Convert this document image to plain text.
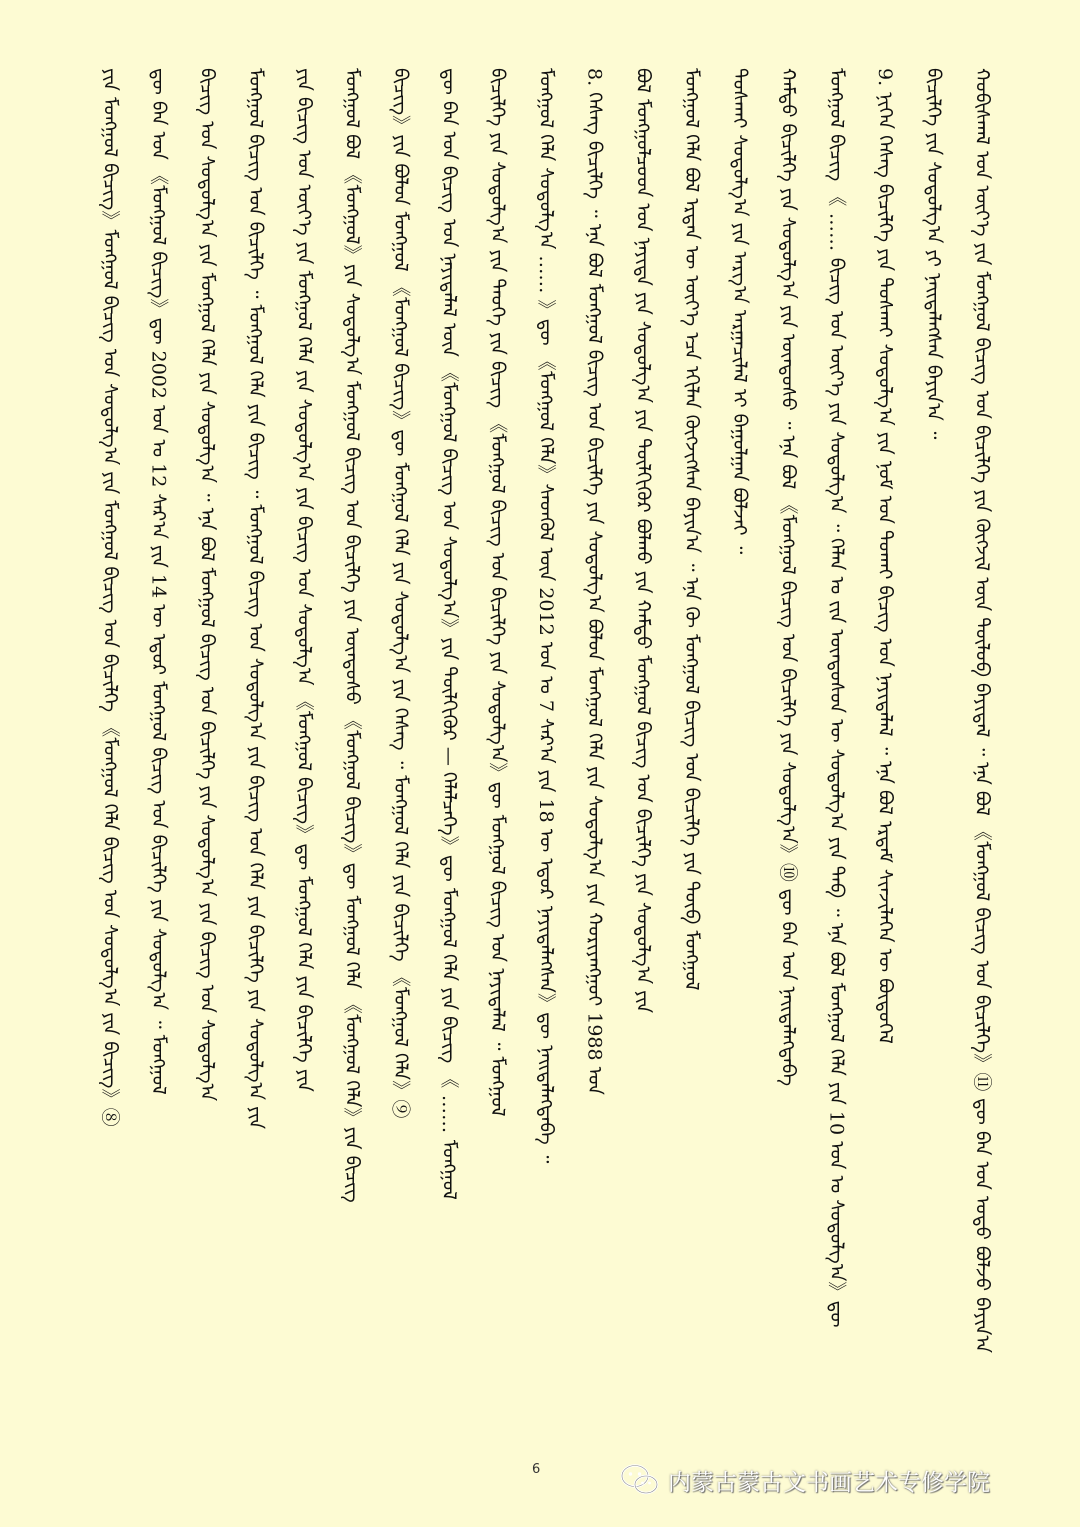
ᠬᠤᠪᠢᠰᠬᠠᠯ ᠤᠨ ᠦᠶ᠎ᠡ ᠶᠢᠨ ᠮᠣᠩᠭᠣᠯ ᠪᠢᠴᠢᠭ ᠤᠨ ᠪᠢᠴᠢᠯᠭᠡ ᠶᠢᠨ ᠬᠥᠭᠵᠢᠯ ᠦᠨ ᠲᠥᠯᠥᠪ ᠪᠠᠶᠢᠳᠠᠯ ᠃ ᠡᠨᠡ ᠪᠣᠯ 《ᠮᠣᠩᠭᠣᠯ ᠪᠢᠴᠢᠭ ᠤᠨ ᠪᠢᠴᠢᠯᠭᠡ》⑪ ᠳᠦ ᠪᠠᠨ ᠤᠨ ᠤᠳᠤ ᠪᠣᠯᠵᠤ ᠪᠠᠶᠢᠨ᠎ᠠ
ᠪᠢᠴᠢᠯᠭᠡ ᠶᠢᠨ ᠰᠤᠳᠤᠯᠭ᠎ᠠ ᠶᠢ ᠨᠡᠢᠲᠡᠯᠡᠭᠰᠡᠨ ᠪᠠᠶᠢᠨ᠎ᠠ ᠃
9. ᠨᠢᠭᠡᠨ ᠬᠡᠰᠡᠭ ᠪᠢᠴᠢᠯᠭᠡ ᠶᠢᠨ ᠲᠤᠰᠬᠠᠢ ᠰᠤᠳᠤᠯᠭ᠎ᠠ ᠶᠢᠨ ᠨᠣᠮ ᠤᠨ ᠲᠤᠬᠠᠢ ᠪᠢᠴᠢᠭ ᠤᠨ ᠨᠡᠶᠢᠲᠡᠯᠡᠯ ᠃ ᠡᠨᠡ ᠪᠣᠯ ᠡᠷᠳᠡᠮ ᠰᠢᠨᠵᠢᠯᠡᠭᠡᠨ ᠦ ᠪᠦᠲᠦᠭᠡᠯ
ᠮᠣᠩᠭᠣᠯ ᠪᠢᠴᠢᠭ 《 …… ᠪᠢᠴᠢᠭ ᠤᠨ ᠦᠶ᠎ᠡ ᠶᠢᠨ ᠰᠤᠳᠤᠯᠭ᠎ᠠ ᠃ ᠬᠡᠯᠡᠨ ᠤ ᠵᠢᠨ ᠦᠨᠳᠦᠰᠦᠨ ᠦ ᠰᠤᠳᠤᠯᠭ᠎ᠠ ᠶᠢᠨ ᠲᠡᠪ ᠃ ᠡᠨᠡ ᠪᠣᠯ ᠮᠣᠩᠭᠣᠯ ᠬᠡᠯᠡ ᠶᠢᠨ 10 ᠣᠨ ᠤ ᠰᠤᠳᠤᠯᠭ᠎ᠠ》ᠳᠦ
ᠬᠠᠮᠲᠤ ᠪᠢᠴᠢᠯᠭᠡ ᠶᠢᠨ ᠰᠤᠳᠤᠯᠭ᠎ᠠ ᠶᠢᠨ ᠦᠨᠳᠦᠰᠦ ᠃ ᠡᠨᠡ ᠪᠣᠯ 《ᠮᠣᠩᠭᠣᠯ ᠪᠢᠴᠢᠭ ᠤᠨ ᠪᠢᠴᠢᠯᠭᠡ ᠶᠢᠨ ᠰᠤᠳᠤᠯᠭ᠎ᠠ》⑩ ᠳᠦ ᠪᠠᠨ ᠤᠨ ᠨᠡᠢᠲᠡᠯᠡᠭᠳᠡᠪᠡ
ᠲᠤᠰᠬᠠᠢ ᠰᠤᠳᠤᠯᠭ᠎ᠠ ᠶᠢᠨ ᠠᠷᠭ᠎ᠠ ᠠᠷᠭᠠᠴᠢᠯᠠᠯ ᠢ ᠪᠠᠭᠤᠯᠭᠠᠨ ᠪᠣᠯᠵᠠᠢ ᠃
ᠮᠣᠩᠭᠣᠯ ᠬᠡᠯᠡ ᠪᠣᠯ ᠡᠷᠲᠡᠨ ᠦ ᠦᠶ᠎ᠡ ᠡᠴᠡ ᠡᠬᠢᠯᠡᠨ ᠬᠥᠭᠵᠢᠭᠰᠡᠨ ᠪᠠᠶᠢᠨ᠎ᠠ ᠃ ᠡᠨᠡ ᠬᠦ ᠮᠣᠩᠭᠣᠯ ᠪᠢᠴᠢᠭ ᠤᠨ ᠪᠢᠴᠢᠯᠭᠡ ᠶᠢᠨ ᠲᠦᠪ ᠮᠣᠩᠭᠣᠯ
ᠪᠣᠯ ᠮᠣᠩᠭᠣᠯᠴᠤᠳ ᠤᠨ ᠨᠡᠶᠢᠲᠡ ᠶᠢᠨ ᠰᠤᠳᠤᠯᠭ᠎ᠠ ᠶᠢᠨ ᠲᠦᠯᠬᠢᠭᠦᠷ ᠪᠣᠯᠬᠤ ᠶᠢᠨ ᠬᠠᠮᠲᠤ ᠮᠣᠩᠭᠣᠯ ᠪᠢᠴᠢᠭ ᠤᠨ ᠪᠢᠴᠢᠯᠭᠡ ᠶᠢᠨ ᠰᠤᠳᠤᠯᠭ᠎ᠠ ᠶᠢᠨ
8. ᠬᠡᠰᠡᠭ ᠪᠢᠴᠢᠯᠭᠡ ᠃ ᠡᠨᠡ ᠪᠣᠯ ᠮᠣᠩᠭᠣᠯ ᠪᠢᠴᠢᠭ ᠤᠨ ᠪᠢᠴᠢᠯᠭᠡ ᠶᠢᠨ ᠰᠤᠳᠤᠯᠭ᠎ᠠ ᠪᠣᠯᠤᠨ ᠮᠣᠩᠭᠣᠯ ᠬᠡᠯᠡ ᠶᠢᠨ ᠰᠤᠳᠤᠯᠭ᠎ᠠ ᠶᠢᠨ ᠬᠤᠷᠢᠶᠠᠩᠭᠤᠢ 1988 ᠣᠨ
ᠮᠣᠩᠭᠣᠯ ᠬᠡᠯᠡ ᠰᠤᠳᠤᠯᠭ᠎ᠠ …… 》ᠳᠦ 《ᠮᠣᠩᠭᠣᠯ ᠬᠡᠯᠡ》ᠰᠡᠳᠬᠦᠯ ᠦᠨ 2012 ᠣᠨ ᠤ 7 ᠰᠠᠷ᠎ᠠ ᠶᠢᠨ 18 ᠦ ᠡᠳᠦᠷ ᠨᠡᠶᠢᠲᠡᠯᠡᠭᠰᠡᠨ》ᠳᠦ ᠨᠡᠢᠲᠡᠯᠡᠭᠳᠡᠪᠡ ᠃
ᠪᠢᠴᠢᠯᠭᠡ ᠶᠢᠨ ᠰᠤᠳᠤᠯᠭ᠎ᠠ ᠶᠢᠨ ᠲᠡᠦᠬᠡ ᠶᠢᠨ ᠪᠢᠴᠢᠭ 《ᠮᠣᠩᠭᠣᠯ ᠪᠢᠴᠢᠭ ᠤᠨ ᠪᠢᠴᠢᠯᠭᠡ ᠶᠢᠨ ᠰᠤᠳᠤᠯᠭ᠎ᠠ》ᠳᠦ ᠮᠣᠩᠭᠣᠯ ᠪᠢᠴᠢᠭ ᠤᠨ ᠨᠡᠶᠢᠲᠡᠯᠡᠯ ᠃ ᠮᠣᠩᠭᠣᠯ
ᠳᠦ ᠪᠠᠨ ᠤᠨ ᠪᠢᠴᠢᠭ ᠤᠨ ᠨᠡᠶᠢᠲᠡᠯᠡᠯ ᠦᠨ 《ᠮᠣᠩᠭᠣᠯ ᠪᠢᠴᠢᠭ ᠤᠨ ᠰᠤᠳᠤᠯᠭ᠎ᠠ》ᠶᠢᠨ ᠲᠦᠯᠬᠢᠭᠦᠷ — ᠬᠡᠯᠡᠯᠴᠡᠭᠡ》ᠳᠦ ᠮᠣᠩᠭᠣᠯ ᠬᠡᠯᠡ ᠶᠢᠨ ᠪᠢᠴᠢᠭ 《 …… ᠮᠣᠩᠭᠣᠯ
ᠪᠢᠴᠢᠭ》ᠶᠢᠨ ᠪᠣᠯᠤᠨ ᠮᠣᠩᠭᠣᠯ 《ᠮᠣᠩᠭᠣᠯ ᠪᠢᠴᠢᠭ》ᠳᠦ ᠮᠣᠩᠭᠣᠯ ᠬᠡᠯᠡ ᠶᠢᠨ ᠰᠤᠳᠤᠯᠭ᠎ᠠ ᠶᠢᠨ ᠬᠡᠰᠡᠭ ᠃ ᠮᠣᠩᠭᠣᠯ ᠬᠡᠯᠡ ᠶᠢᠨ ᠪᠢᠴᠢᠯᠭᠡ 《ᠮᠣᠩᠭᠣᠯ ᠬᠡᠯᠡ》⑨
ᠮᠣᠩᠭᠣᠯ ᠪᠣᠯ 《ᠮᠣᠩᠭᠣᠯ》ᠶᠢᠨ ᠰᠤᠳᠤᠯᠭ᠎ᠠ ᠮᠣᠩᠭᠣᠯ ᠪᠢᠴᠢᠭ ᠤᠨ ᠪᠢᠴᠢᠯᠭᠡ ᠶᠢᠨ ᠦᠨᠳᠦᠰᠦ 《ᠮᠣᠩᠭᠣᠯ ᠪᠢᠴᠢᠭ》ᠳᠦ ᠮᠣᠩᠭᠣᠯ ᠬᠡᠯᠡ 《ᠮᠣᠩᠭᠣᠯ ᠬᠡᠯᠡ》ᠶᠢᠨ ᠪᠢᠴᠢᠭ
ᠶᠢᠨ ᠪᠢᠴᠢᠭ ᠤᠨ ᠦᠶ᠎ᠡ ᠶᠢᠨ ᠮᠣᠩᠭᠣᠯ ᠬᠡᠯᠡ ᠶᠢᠨ ᠰᠤᠳᠤᠯᠭ᠎ᠠ ᠶᠢᠨ ᠪᠢᠴᠢᠭ ᠤᠨ ᠰᠤᠳᠤᠯᠭ᠎ᠠ 《ᠮᠣᠩᠭᠣᠯ ᠪᠢᠴᠢᠭ》ᠳᠦ ᠮᠣᠩᠭᠣᠯ ᠬᠡᠯᠡ ᠶᠢᠨ ᠪᠢᠴᠢᠯᠭᠡ ᠶᠢᠨ
ᠮᠣᠩᠭᠣᠯ ᠪᠢᠴᠢᠭ ᠤᠨ ᠪᠢᠴᠢᠯᠭᠡ ᠃ ᠮᠣᠩᠭᠣᠯ ᠬᠡᠯᠡ ᠶᠢᠨ ᠪᠢᠴᠢᠭ ᠃ ᠮᠣᠩᠭᠣᠯ ᠪᠢᠴᠢᠭ ᠤᠨ ᠰᠤᠳᠤᠯᠭ᠎ᠠ ᠶᠢᠨ ᠪᠢᠴᠢᠭ ᠤᠨ ᠬᠡᠯᠡ ᠶᠢᠨ ᠪᠢᠴᠢᠯᠭᠡ ᠶᠢᠨ ᠰᠤᠳᠤᠯᠭ᠎ᠠ ᠶᠢᠨ
ᠪᠢᠴᠢᠭ ᠤᠨ ᠰᠤᠳᠤᠯᠭ᠎ᠠ ᠶᠢᠨ ᠮᠣᠩᠭᠣᠯ ᠬᠡᠯᠡ ᠶᠢᠨ ᠰᠤᠳᠤᠯᠭ᠎ᠠ ᠃ ᠡᠨᠡ ᠪᠣᠯ ᠮᠣᠩᠭᠣᠯ ᠪᠢᠴᠢᠭ ᠤᠨ ᠪᠢᠴᠢᠯᠭᠡ ᠶᠢᠨ ᠰᠤᠳᠤᠯᠭ᠎ᠠ ᠶᠢᠨ ᠪᠢᠴᠢᠭ ᠤᠨ ᠰᠤᠳᠤᠯᠭ᠎ᠠ
ᠳᠦ ᠪᠠᠨ ᠤᠨ 《ᠮᠣᠩᠭᠣᠯ ᠪᠢᠴᠢᠭ》ᠳᠦ 2002 ᠣᠨ ᠤ 12 ᠰᠠᠷ᠎ᠠ ᠶᠢᠨ 14 ᠦ ᠡᠳᠦᠷ ᠮᠣᠩᠭᠣᠯ ᠪᠢᠴᠢᠭ ᠤᠨ ᠪᠢᠴᠢᠯᠭᠡ ᠶᠢᠨ ᠰᠤᠳᠤᠯᠭ᠎ᠠ ᠃ ᠮᠣᠩᠭᠣᠯ
ᠶᠢᠨ ᠮᠣᠩᠭᠣᠯ ᠪᠢᠴᠢᠭ》ᠮᠣᠩᠭᠣᠯ ᠪᠢᠴᠢᠭ ᠤᠨ ᠰᠤᠳᠤᠯᠭ᠎ᠠ ᠶᠢᠨ ᠮᠣᠩᠭᠣᠯ ᠪᠢᠴᠢᠭ ᠤᠨ ᠪᠢᠴᠢᠯᠭᠡ 《ᠮᠣᠩᠭᠣᠯ ᠬᠡᠯᠡ ᠪᠢᠴᠢᠭ ᠤᠨ ᠰᠤᠳᠤᠯᠭ᠎ᠠ ᠶᠢᠨ ᠪᠢᠴᠢᠭ》⑧
6	内蒙古蒙古文书画艺术专修学院
